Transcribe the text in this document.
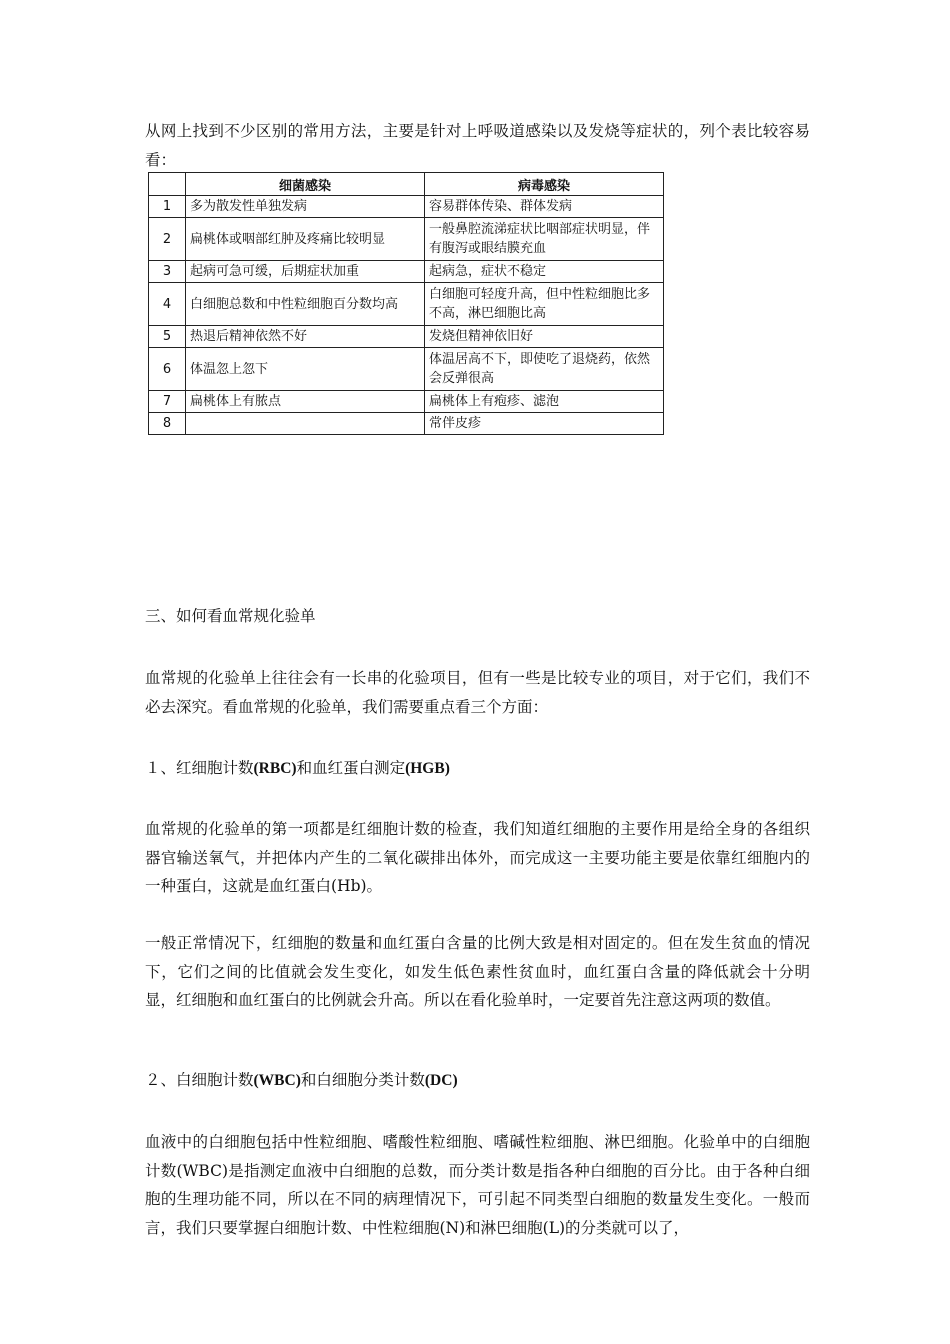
从网上找到不少区别的常用方法，主要是针对上呼吸道感染以及发烧等症状的，列个表比较容易看：

	细菌感染	病毒感染
1	多为散发性单独发病	容易群体传染、群体发病
2	扁桃体或咽部红肿及疼痛比较明显	一般鼻腔流涕症状比咽部症状明显，伴有腹泻或眼结膜充血
3	起病可急可缓，后期症状加重	起病急，症状不稳定
4	白细胞总数和中性粒细胞百分数均高	白细胞可轻度升高，但中性粒细胞比多不高，淋巴细胞比高
5	热退后精神依然不好	发烧但精神依旧好
6	体温忽上忽下	体温居高不下，即使吃了退烧药，依然会反弹很高
7	扁桃体上有脓点	扁桃体上有疱疹、滤泡
8		常伴皮疹

三、如何看血常规化验单

血常规的化验单上往往会有一长串的化验项目，但有一些是比较专业的项目，对于它们，我们不必去深究。看血常规的化验单，我们需要重点看三个方面：

１、红细胞计数(RBC)和血红蛋白测定(HGB)

血常规的化验单的第一项都是红细胞计数的检查，我们知道红细胞的主要作用是给全身的各组织器官输送氧气，并把体内产生的二氧化碳排出体外，而完成这一主要功能主要是依靠红细胞内的一种蛋白，这就是血红蛋白(Hb)。

一般正常情况下，红细胞的数量和血红蛋白含量的比例大致是相对固定的。但在发生贫血的情况下，它们之间的比值就会发生变化，如发生低色素性贫血时，血红蛋白含量的降低就会十分明显，红细胞和血红蛋白的比例就会升高。所以在看化验单时，一定要首先注意这两项的数值。

２、白细胞计数(WBC)和白细胞分类计数(DC)

血液中的白细胞包括中性粒细胞、嗜酸性粒细胞、嗜碱性粒细胞、淋巴细胞。化验单中的白细胞计数(WBC)是指测定血液中白细胞的总数，而分类计数是指各种白细胞的百分比。由于各种白细胞的生理功能不同，所以在不同的病理情况下，可引起不同类型白细胞的数量发生变化。一般而言，我们只要掌握白细胞计数、中性粒细胞(N)和淋巴细胞(L)的分类就可以了，
